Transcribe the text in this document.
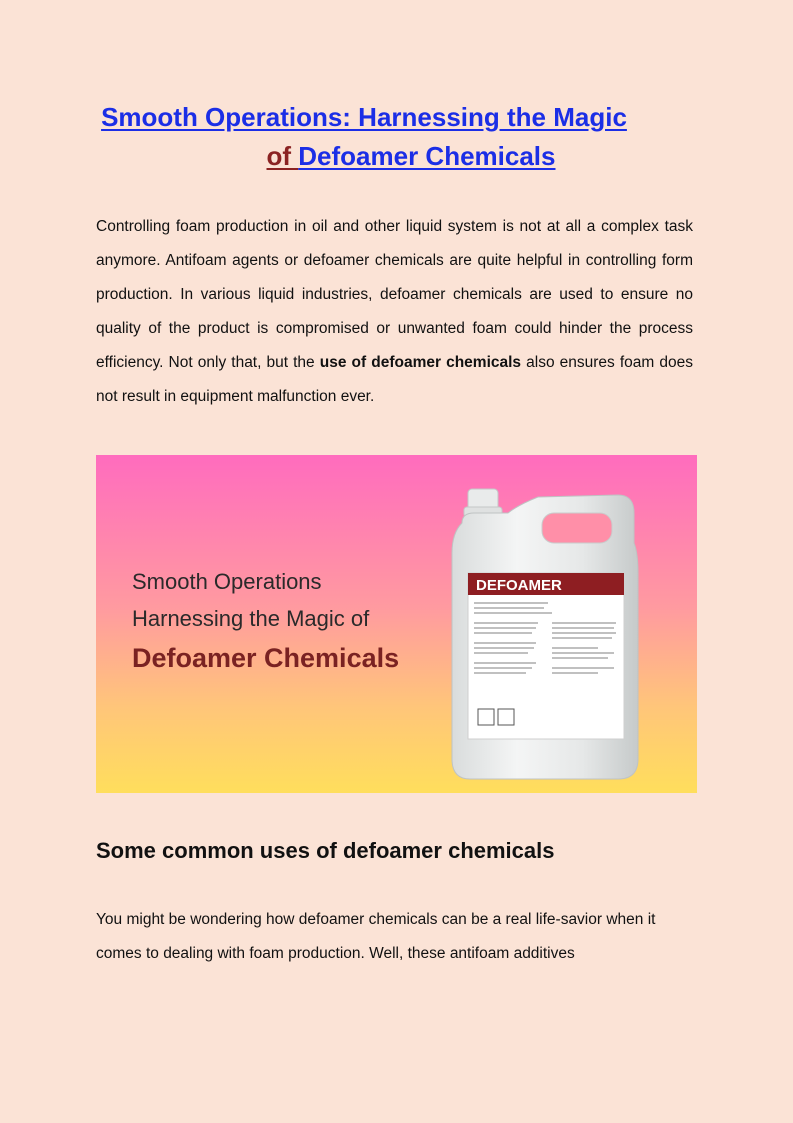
Smooth Operations: Harnessing the Magic
of Defoamer Chemicals

Controlling foam production in oil and other liquid system is not at all a complex task anymore. Antifoam agents or defoamer chemicals are quite helpful in controlling form production. In various liquid industries, defoamer chemicals are used to ensure no quality of the product is compromised or unwanted foam could hinder the process efficiency. Not only that, but the use of defoamer chemicals also ensures foam does not result in equipment malfunction ever.

Smooth Operations

Harnessing the Magic of

Defoamer Chemicals

DEFOAMER
Some common uses of defoamer chemicals

You might be wondering how defoamer chemicals can be a real life-savior when it comes to dealing with foam production. Well, these antifoam additives
